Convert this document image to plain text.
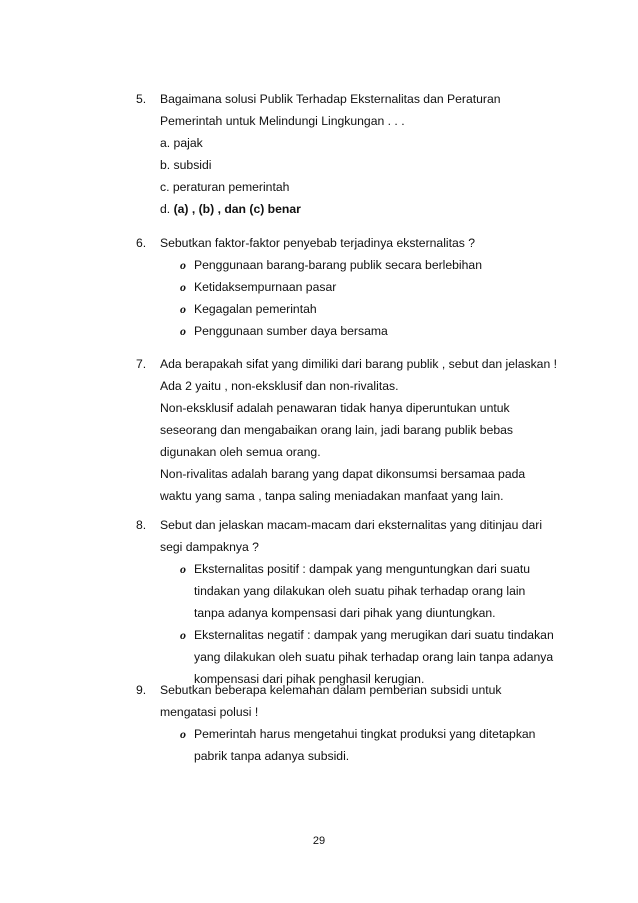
5. Bagaimana solusi Publik Terhadap Eksternalitas dan Peraturan
Pemerintah untuk Melindungi Lingkungan . . .
a. pajak
b. subsidi
c. peraturan pemerintah
d. (a) , (b) , dan (c) benar
6. Sebutkan faktor-faktor penyebab terjadinya eksternalitas ?
o Penggunaan barang-barang publik secara berlebihan
o Ketidaksempurnaan pasar
o Kegagalan pemerintah
o Penggunaan sumber daya bersama
7. Ada berapakah sifat yang dimiliki dari barang publik , sebut dan jelaskan !
Ada 2 yaitu , non-eksklusif dan non-rivalitas.
Non-eksklusif adalah penawaran tidak hanya diperuntukan untuk
seseorang dan mengabaikan orang lain, jadi barang publik bebas
digunakan oleh semua orang.
Non-rivalitas adalah barang yang dapat dikonsumsi bersamaa pada
waktu yang sama , tanpa saling meniadakan manfaat yang lain.
8. Sebut dan jelaskan macam-macam dari eksternalitas yang ditinjau dari
segi dampaknya ?
o Eksternalitas positif : dampak yang menguntungkan dari suatu
tindakan yang dilakukan oleh suatu pihak terhadap orang lain
tanpa adanya kompensasi dari pihak yang diuntungkan.
o Eksternalitas negatif : dampak yang merugikan dari suatu tindakan
yang dilakukan oleh suatu pihak terhadap orang lain tanpa adanya
kompensasi dari pihak penghasil kerugian.
9. Sebutkan beberapa kelemahan dalam pemberian subsidi untuk
mengatasi polusi !
o Pemerintah harus mengetahui tingkat produksi yang ditetapkan
pabrik tanpa adanya subsidi.
29
